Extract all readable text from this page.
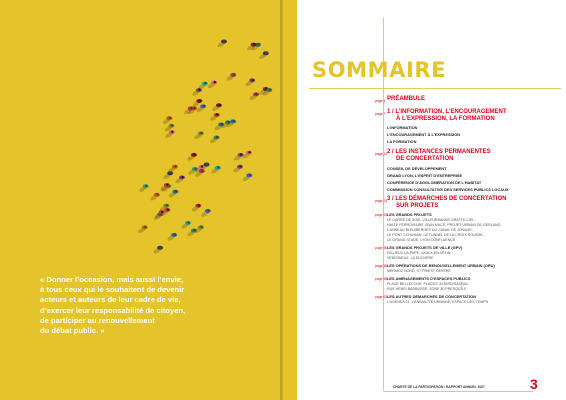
« Donner l’occasion, mais aussi l’envie,
à tous ceux qui le souhaitent de devenir
acteurs et auteurs de leur cadre de vie,
d’exercer leur responsabilité de citoyen,
de participer au renouvellement
du débat public. »
SOMMAIRE
page 4 PRÉAMBULE
page 7 1 / L’INFORMATION, L’ENCOURAGEMENT
À L’EXPRESSION, LA FORMATION
L’INFORMATION
L’ENCOURAGEMENT À L’EXPRESSION
LA FORMATION
page 13 2 / LES INSTANCES PERMANENTES
DE CONCERTATION
CONSEIL DE DÉVELOPPEMENT
GRAND LYON, L’ESPRIT D’ENTREPRISE
CONFÉRENCE D’AGGLOMÉRATION DE L’HABITAT
COMMISSION CONSULTATIVE DES SERVICES PUBLICS LOCAUX
page 23 3 / LES DÉMARCHES DE CONCERTATION
SUR PROJETS
page 24 LES GRANDS PROJETS
LE CARRÉ DE SOIE, VILLEURBANNE GRATTE-CIEL,
HALTE FERROVIAIRE JEAN MACÉ, PROJET URBAIN DE GERLAND,
L’ANNEAU BLEU/BERGES DU CANAL DE JONAGE,
LE PONT SCHUMAN, LE TUNNEL DE LA CROIX ROUSSE,
LE GRAND STADE, LYON CONFLUENCE
page 50 LES GRANDS PROJETS DE VILLE (GPV)
RILLIEUX-LA-PAPE, VAULX-EN-VELIN,
VÉNISSIEUX, LA DUCHÈRE
page 56 LES OPÉRATIONS DE RENOUVELLEMENT URBAIN (ORU)
MERMOZ NORD, ST PRIEST CENTRE
page 58 LES AMÉNAGEMENTS D’ESPACES PUBLICS
PLACE BELLECOUR, PLACES JUTARD/RASPAIL,
RUE HENRI BARBUSSE, ZONE 30 PRESQU’ÎLE
page 63 LES AUTRES DÉMARCHES DE CONCERTATION
L’AGENDA 21, L’ANIMALITÉ URBAINE, ESPACE DES TEMPS
CHARTE DE LA PARTICIPATION / RAPPORT ANNUEL 2007	3
